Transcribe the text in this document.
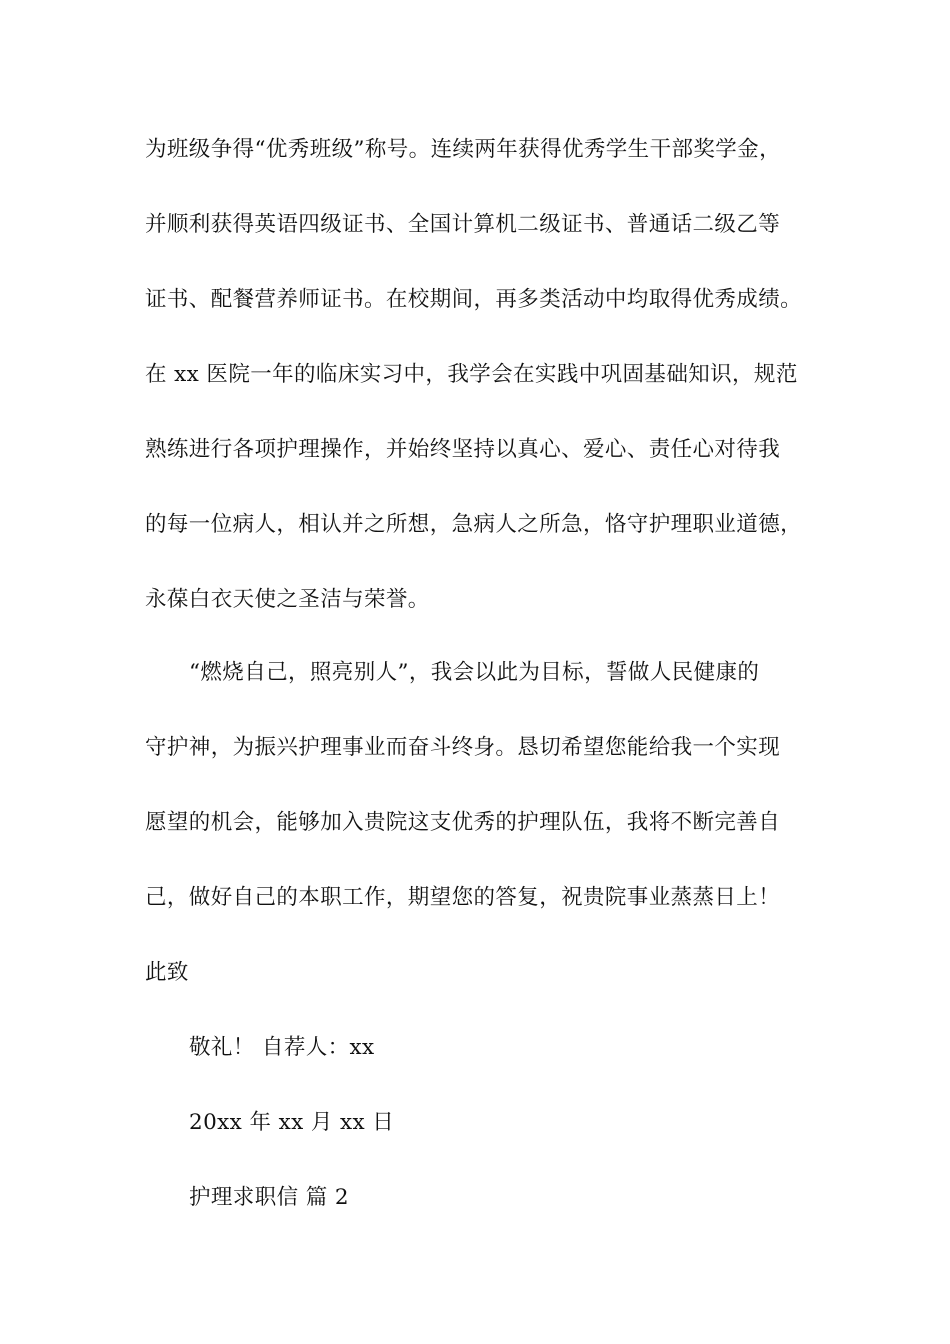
为班级争得“优秀班级”称号。连续两年获得优秀学生干部奖学金，
并顺利获得英语四级证书、全国计算机二级证书、普通话二级乙等
证书、配餐营养师证书。在校期间，再多类活动中均取得优秀成绩。
在 xx 医院一年的临床实习中，我学会在实践中巩固基础知识，规范
熟练进行各项护理操作，并始终坚持以真心、爱心、责任心对待我
的每一位病人，相认并之所想，急病人之所急，恪守护理职业道德，
永葆白衣天使之圣洁与荣誉。
“燃烧自己，照亮别人”，我会以此为目标，誓做人民健康的
守护神，为振兴护理事业而奋斗终身。恳切希望您能给我一个实现
愿望的机会，能够加入贵院这支优秀的护理队伍，我将不断完善自
己，做好自己的本职工作，期望您的答复，祝贵院事业蒸蒸日上！
此致
敬礼！ 自荐人：xx
20xx 年 xx 月 xx 日
护理求职信 篇 2
